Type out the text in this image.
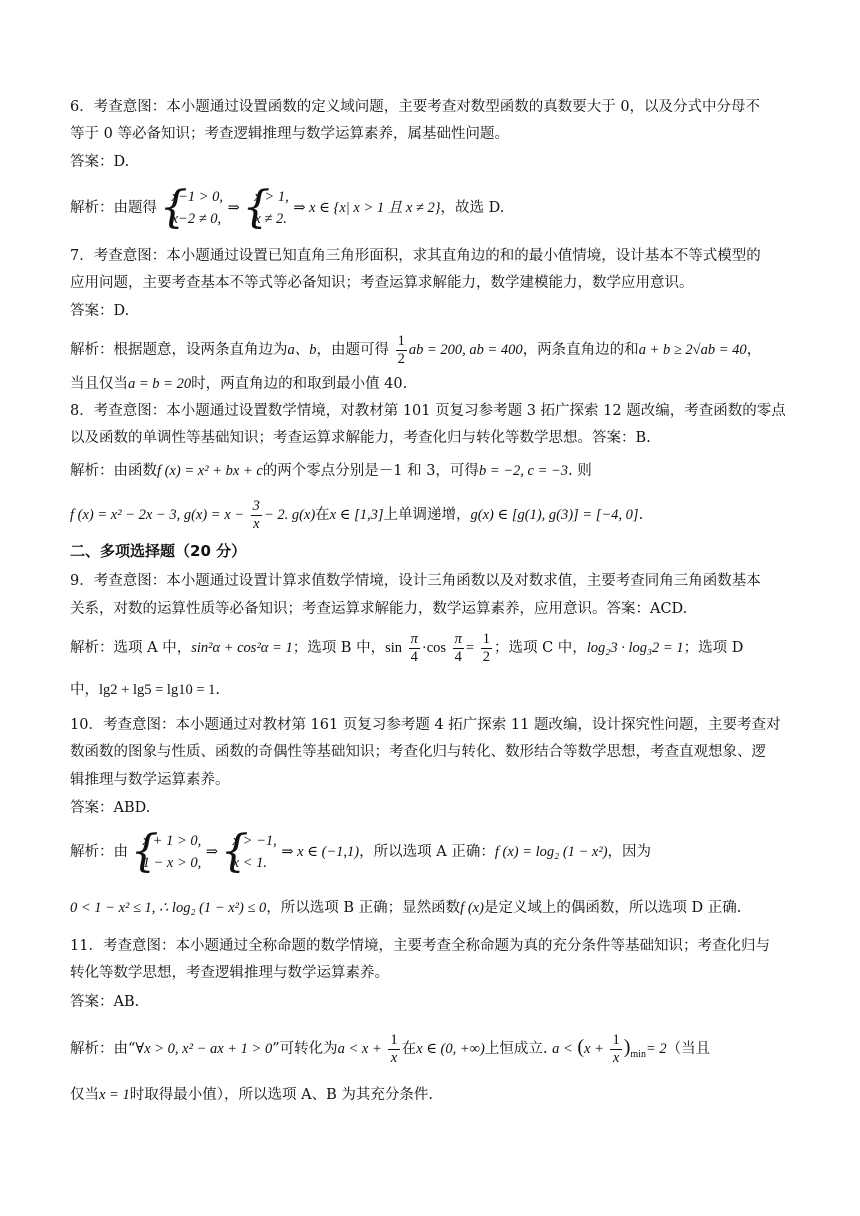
6．考查意图：本小题通过设置函数的定义域问题，主要考查对数型函数的真数要大于 0，以及分式中分母不
等于 0 等必备知识；考查逻辑推理与数学运算素养，属基础性问题。
答案：D.
解析：由题得
{ x−1 > 0,
x−2 ≠ 0,
⇒
{ x > 1,
x ≠ 2.
⇒ x ∈ {x| x > 1 且 x ≠ 2}，故选 D.
7．考查意图：本小题通过设置已知直角三角形面积，求其直角边的和的最小值情境，设计基本不等式模型的
应用问题，主要考查基本不等式等必备知识；考查运算求解能力，数学建模能力，数学应用意识。
答案：D.
解析：根据题意，设两条直角边为a、b，由题可得 $\frac{1}{2}$ ab = 200, ab = 400，两条直角边的和a + b ≥ 2√ab = 40，
当且仅当a = b = 20时，两直角边的和取到最小值 40.
8．考查意图：本小题通过设置数学情境，对教材第 101 页复习参考题 3 拓广探索 12 题改编，考查函数的零点
以及函数的单调性等基础知识；考查运算求解能力，考查化归与转化等数学思想。答案：B.
解析：由函数f (x) = x² + bx + c的两个零点分别是－1 和 3，可得b = −2, c = −3. 则
f (x) = x² − 2x − 3, $g(x) = x - \frac{3}{x} - 2$. g(x)在x ∈ [1,3]上单调递增，g(x) ∈ [g(1), g(3)] = [−4, 0].
二、多项选择题（20 分）
9．考查意图：本小题通过设置计算求值数学情境，设计三角函数以及对数求值，主要考查同角三角函数基本
关系，对数的运算性质等必备知识；考查运算求解能力，数学运算素养，应用意识。答案：ACD.
解析：选项 A 中，sin²α + cos²α = 1；选项 B 中，$\sin \frac{\pi}{4} \cdot\cos \frac{\pi}{4} = \frac{1}{2}$ ；选项 C 中，log₂3 · log₃2 = 1；选项 D
中，lg2 + lg5 = lg10 = 1.
10．考查意图：本小题通过对教材第 161 页复习参考题 4 拓广探索 11 题改编，设计探究性问题，主要考查对
数函数的图象与性质、函数的奇偶性等基础知识；考查化归与转化、数形结合等数学思想，考查直观想象、逻
辑推理与数学运算素养。
答案：ABD.
解析：由
{ x + 1 > 0,
1 − x > 0,
⇒
{ x > −1,
x < 1.
⇒ x ∈ (−1,1)，所以选项 A 正确：f (x) = log₂ (1 − x²)，因为
0 < 1 − x² ≤ 1, ∴ log₂ (1 − x²) ≤ 0，所以选项 B 正确；显然函数f (x)是定义域上的偶函数，所以选项 D 正确.
11．考查意图：本小题通过全称命题的数学情境，主要考查全称命题为真的充分条件等基础知识；考查化归与
转化等数学思想，考查逻辑推理与数学运算素养。
答案：AB.
解析：由“∀x > 0, x² − ax + 1 > 0”可转化为$a < x + \frac{1}{x}$ 在x ∈ (0, +∞)上恒成立. $a < (x + \frac{1}{x} )_{min}= 2$（当且
仅当x = 1时取得最小值），所以选项 A、B 为其充分条件.
